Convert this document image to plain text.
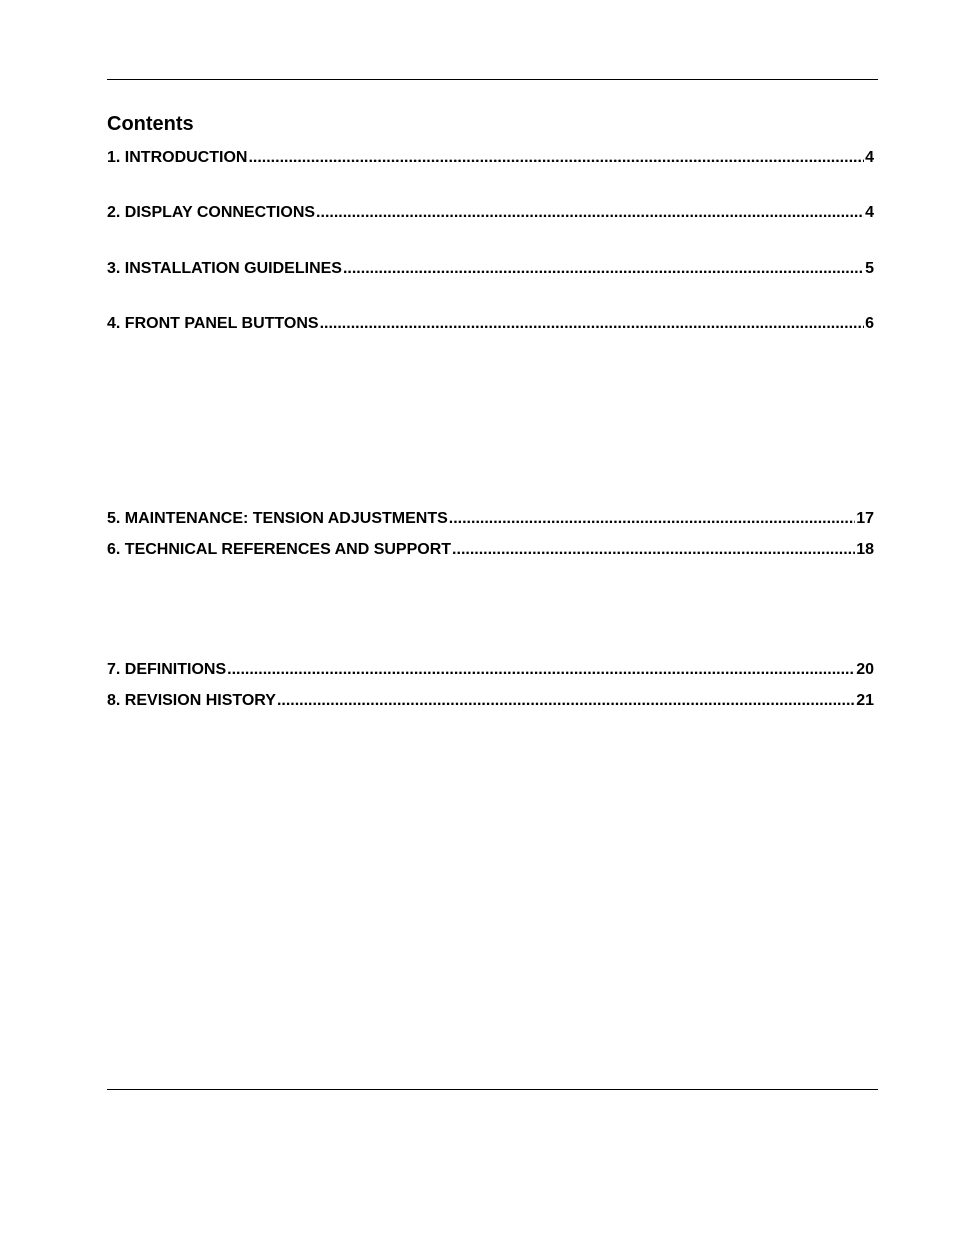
Contents
1. INTRODUCTION .....	4
2. DISPLAY CONNECTIONS .....	4
3. INSTALLATION GUIDELINES .....	5
4. FRONT PANEL BUTTONS .....	6
5. MAINTENANCE: TENSION ADJUSTMENTS .....	17
6. TECHNICAL REFERENCES AND SUPPORT .....	18
7. DEFINITIONS .....	20
8. REVISION HISTORY .....	21
